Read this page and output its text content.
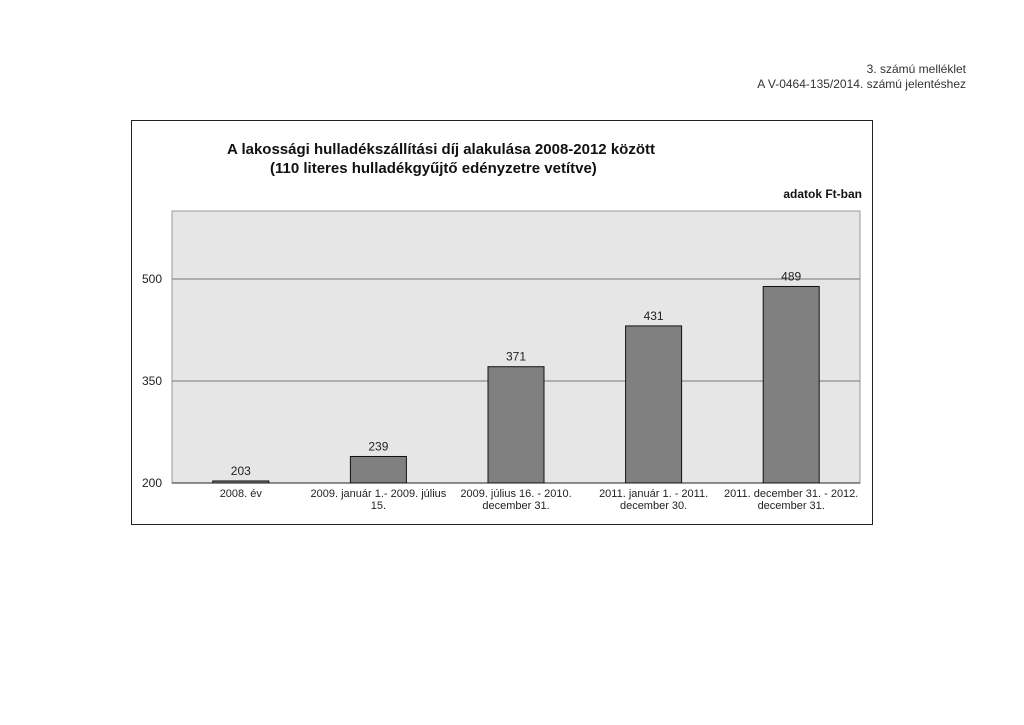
3. számú melléklet
A V-0464-135/2014. számú jelentéshez
A lakossági hulladékszállítási díj alakulása 2008-2012 között
(110 literes hulladékgyűjtő edényzetre vetítve)
adatok Ft-ban
200
350
500
203
2008. év
239
2009. január 1.- 2009. július 15.
371
2009. július 16. - 2010. december 31.
431
2011. január 1. - 2011. december 30.
489
2011. december 31. - 2012. december 31.
